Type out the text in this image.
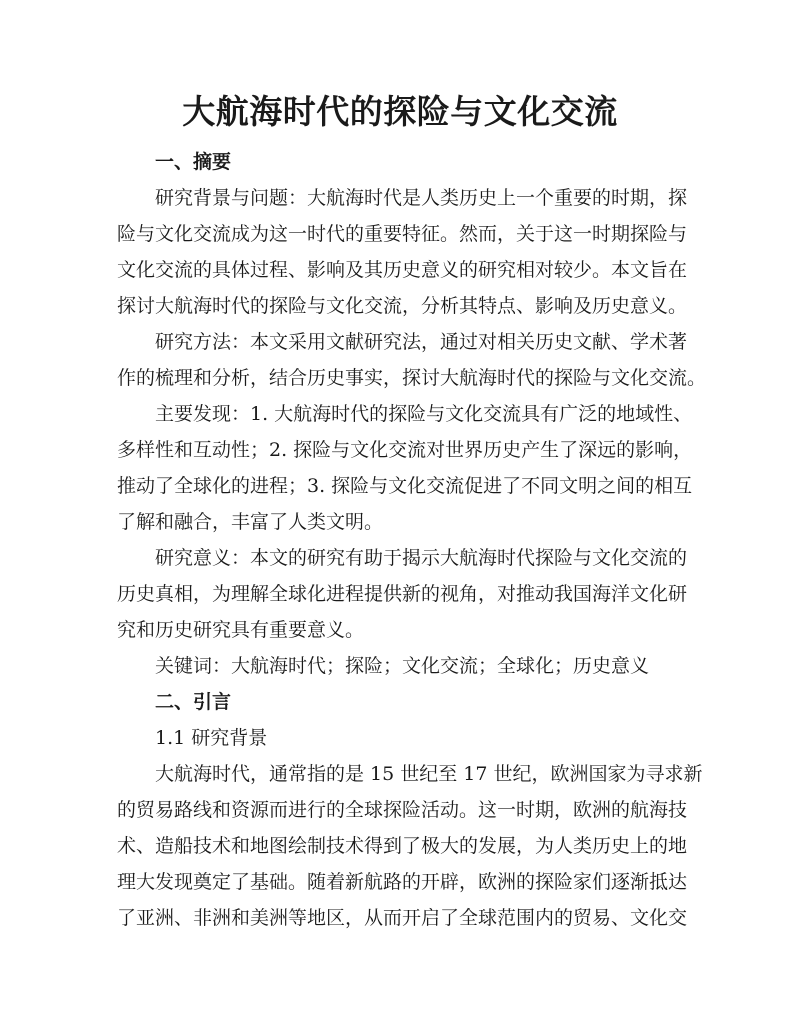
大航海时代的探险与文化交流

一、摘要

研究背景与问题：大航海时代是人类历史上一个重要的时期，探

险与文化交流成为这一时代的重要特征。然而，关于这一时期探险与

文化交流的具体过程、影响及其历史意义的研究相对较少。本文旨在

探讨大航海时代的探险与文化交流，分析其特点、影响及历史意义。

研究方法：本文采用文献研究法，通过对相关历史文献、学术著

作的梳理和分析，结合历史事实，探讨大航海时代的探险与文化交流。

主要发现：1. 大航海时代的探险与文化交流具有广泛的地域性、

多样性和互动性；2. 探险与文化交流对世界历史产生了深远的影响，

推动了全球化的进程；3. 探险与文化交流促进了不同文明之间的相互

了解和融合，丰富了人类文明。

研究意义：本文的研究有助于揭示大航海时代探险与文化交流的

历史真相，为理解全球化进程提供新的视角，对推动我国海洋文化研

究和历史研究具有重要意义。

关键词：大航海时代；探险；文化交流；全球化；历史意义

二、引言

1.1 研究背景

大航海时代，通常指的是 15 世纪至 17 世纪，欧洲国家为寻求新

的贸易路线和资源而进行的全球探险活动。这一时期，欧洲的航海技

术、造船技术和地图绘制技术得到了极大的发展，为人类历史上的地

理大发现奠定了基础。随着新航路的开辟，欧洲的探险家们逐渐抵达

了亚洲、非洲和美洲等地区，从而开启了全球范围内的贸易、文化交
